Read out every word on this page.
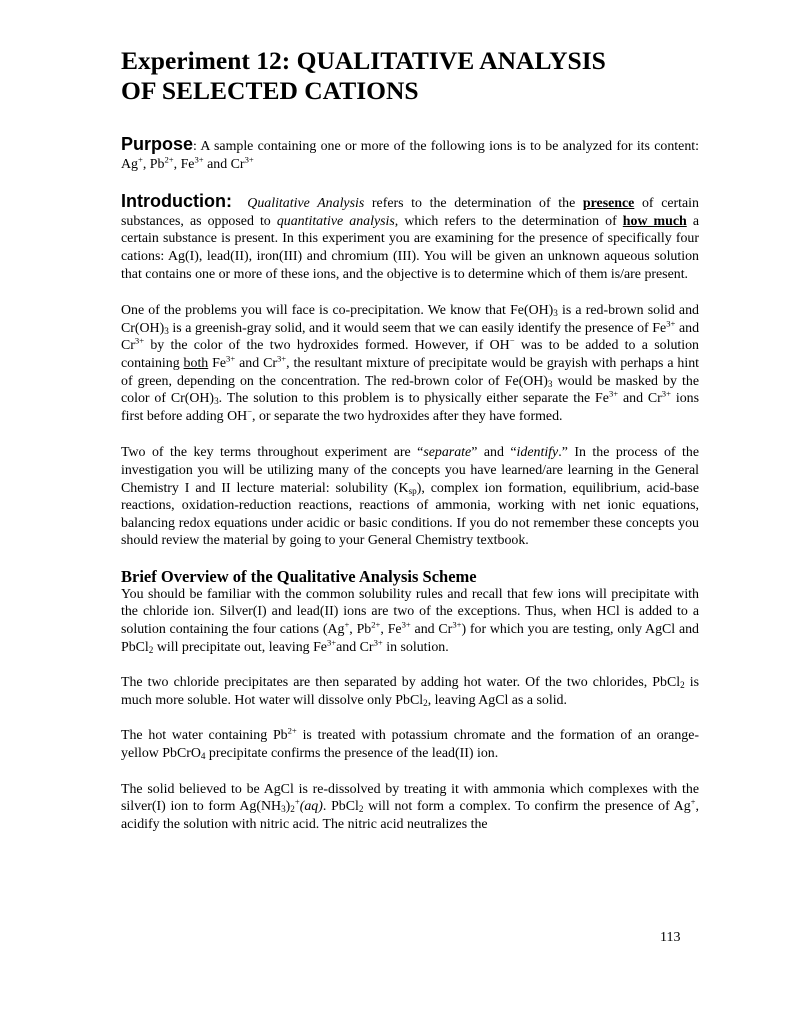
Experiment 12: QUALITATIVE ANALYSIS
OF SELECTED CATIONS

Purpose: A sample containing one or more of the following ions is to be analyzed for its content: Ag+, $Pb^{2+}$, $Fe^{3+}$ and $Cr^{3+}$

Introduction: Qualitative Analysis refers to the determination of the presence of certain substances, as opposed to quantitative analysis, which refers to the determination of how much a certain substance is present. In this experiment you are examining for the presence of specifically four cations: Ag(I), lead(II), iron(III) and chromium (III). You will be given an unknown aqueous solution that contains one or more of these ions, and the objective is to determine which of them is/are present.

One of the problems you will face is co-precipitation. We know that $Fe(OH)_3$ is a red-brown solid and $Cr(OH)_3$ is a greenish-gray solid, and it would seem that we can easily identify the presence of $Fe^{3+}$ and $Cr^{3+}$ by the color of the two hydroxides formed. However, if OH− was to be added to a solution containing both $Fe^{3+}$ and $Cr^{3+}$, the resultant mixture of precipitate would be grayish with perhaps a hint of green, depending on the concentration. The red-brown color of $Fe(OH)_3$ would be masked by the color of $Cr(OH)_3$. The solution to this problem is to physically either separate the $Fe^{3+}$ and $Cr^{3+}$ ions first before adding OH−, or separate the two hydroxides after they have formed.

Two of the key terms throughout experiment are “separate” and “identify.” In the process of the investigation you will be utilizing many of the concepts you have learned/are learning in the General Chemistry I and II lecture material: solubility $(K_{sp})$, complex ion formation, equilibrium, acid-base reactions, oxidation-reduction reactions, reactions of ammonia, working with net ionic equations, balancing redox equations under acidic or basic conditions. If you do not remember these concepts you should review the material by going to your General Chemistry textbook.

Brief Overview of the Qualitative Analysis Scheme

You should be familiar with the common solubility rules and recall that few ions will precipitate with the chloride ion. Silver(I) and lead(II) ions are two of the exceptions. Thus, when HCl is added to a solution containing the four cations (Ag+, $Pb^{2+}$, $Fe^{3+}$ and $Cr^{3+}$) for which you are testing, only AgCl and PbCl$_2$ will precipitate out, leaving $Fe^{3+}and$ $Cr^{3+}$ in solution.

The two chloride precipitates are then separated by adding hot water. Of the two chlorides, PbCl$_2$ is much more soluble. Hot water will dissolve only PbCl$_2$, leaving AgCl as a solid.

The hot water containing $Pb^{2+}$ is treated with potassium chromate and the formation of an orange-yellow PbCrO$_4$ precipitate confirms the presence of the lead(II) ion.

The solid believed to be AgCl is re-dissolved by treating it with ammonia which complexes with the silver(I) ion to form $Ag(NH_3)_2^+(aq)$. PbCl$_2$ will not form a complex. To confirm the presence of Ag+, acidify the solution with nitric acid. The nitric acid neutralizes the

113
